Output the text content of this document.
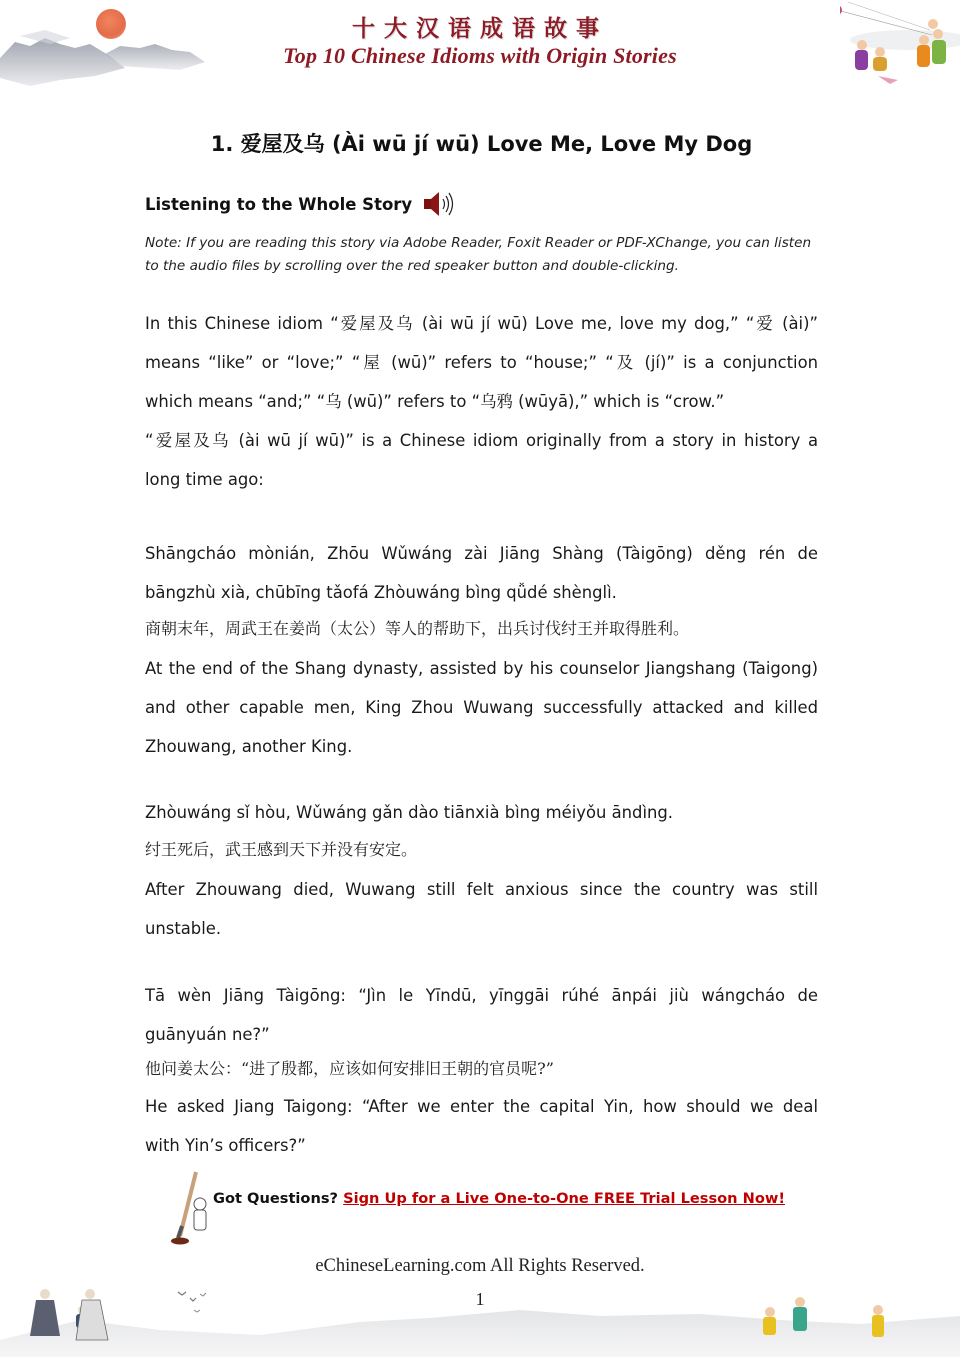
十大汉语成语故事
Top 10 Chinese Idioms with Origin Stories
1. 爱屋及乌 (Ài wū jí wū) Love Me, Love My Dog
Listening to the Whole Story

Note: If you are reading this story via Adobe Reader, Foxit Reader or PDF-XChange, you can listen to the audio files by scrolling over the red speaker button and double-clicking.

In this Chinese idiom “爱屋及乌 (ài wū jí wū) Love me, love my dog,” “爱 (ài)”
means “like” or “love;” “屋 (wū)” refers to “house;” “及 (jí)” is a conjunction
which means “and;” “乌 (wū)” refers to “乌鸦 (wūyā),” which is “crow.”
“爱屋及乌 (ài wū jí wū)” is a Chinese idiom originally from a story in history a
long time ago:
Shāngcháo mònián, Zhōu Wǔwáng zài Jiāng Shàng (Tàigōng) děng rén de
bāngzhù xià, chūbīng tǎofá Zhòuwáng bìng qǚdé shènglì.
商朝末年，周武王在姜尚（太公）等人的帮助下，出兵讨伐纣王并取得胜利。
At the end of the Shang dynasty, assisted by his counselor Jiangshang (Taigong)
and other capable men, King Zhou Wuwang successfully attacked and killed
Zhouwang, another King.
Zhòuwáng sǐ hòu, Wǔwáng gǎn dào tiānxià bìng méiyǒu āndìng.
纣王死后，武王感到天下并没有安定。
After Zhouwang died, Wuwang still felt anxious since the country was still
unstable.
Tā wèn Jiāng Tàigōng: “Jìn le Yīndū, yīnggāi rúhé ānpái jiù wángcháo de
guānyuán ne?”
他问姜太公：“进了殷都，应该如何安排旧王朝的官员呢?”
He asked Jiang Taigong: “After we enter the capital Yin, how should we deal
with Yin’s officers?”
Got Questions? Sign Up for a Live One-to-One FREE Trial Lesson Now!
eChineseLearning.com All Rights Reserved.
1
